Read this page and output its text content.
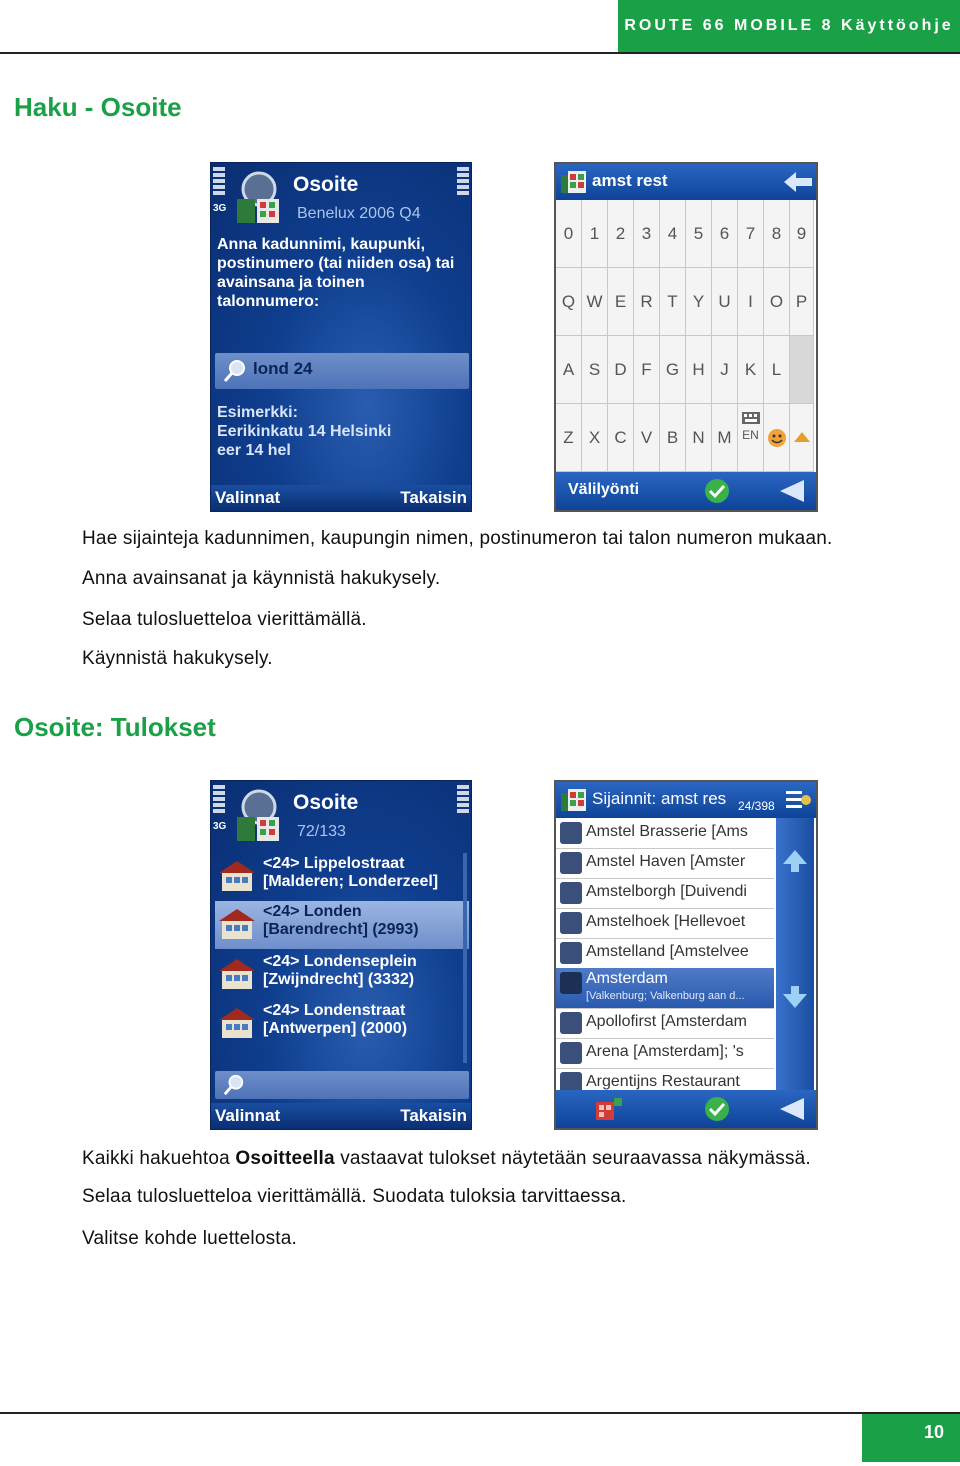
ROUTE 66 MOBILE 8 Käyttöohje
Haku - Osoite
3G
Osoite
Benelux 2006 Q4
Anna kadunnimi, kaupunki,
postinumero (tai niiden osa) tai
avainsana ja toinen
talonnumero:
lond 24
Esimerkki:
Eerikinkatu 14 Helsinki
eer 14 hel
Valinnat	Takaisin
amst rest
0 1 2 3 4 5 6 7 8 9
Q W E R T Y U	I	O P
A S D F G H J K L
Z X C V B N M EN
Välilyönti
Hae sijainteja kadunnimen, kaupungin nimen, postinumeron tai talon numeron mukaan.
Anna avainsanat ja käynnistä hakukysely.
Selaa tulosluetteloa vierittämällä.
Käynnistä hakukysely.
Osoite: Tulokset
3G
Osoite
72/133
<24> Lippelostraat
[Malderen; Londerzeel]
<24> Londen
[Barendrecht] (2993)
<24> Londenseplein
[Zwijndrecht] (3332)
<24> Londenstraat
[Antwerpen] (2000)
Valinnat	Takaisin
Sijainnit: amst res 24/398
Amstel Brasserie [Ams
Amstel Haven [Amster
Amstelborgh [Duivendi
Amstelhoek [Hellevoet
Amstelland [Amstelvee
Amsterdam
[Valkenburg; Valkenburg aan d...
Apollofirst [Amsterdam
Arena [Amsterdam]; 's
Argentijns Restaurant
Kaikki hakuehtoa Osoitteella vastaavat tulokset näytetään seuraavassa näkymässä.
Selaa tulosluetteloa vierittämällä. Suodata tuloksia tarvittaessa.
Valitse kohde luettelosta.
10
